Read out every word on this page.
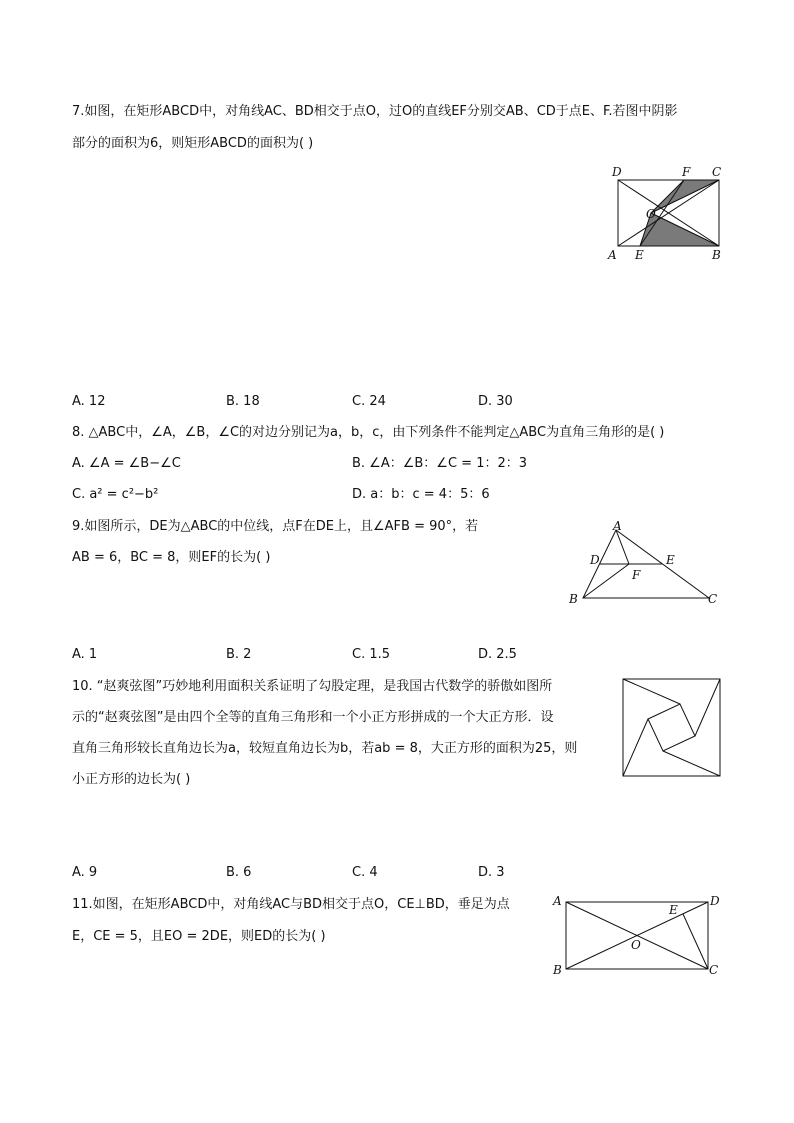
7.如图，在矩形ABCD中，对角线AC、BD相交于点O，过O的直线EF分别交AB、CD于点E、F.若图中阴影
部分的面积为6，则矩形ABCD的面积为( )
D	F C
O
A E	B
A. 12	B. 18	C. 24	D. 30
8. △ABC中，∠A，∠B，∠C的对边分别记为a，b，c，由下列条件不能判定△ABC为直角三角形的是( )
A. ∠A = ∠B−∠C	B. ∠A：∠B：∠C = 1：2：3
C. a² = c²−b²	D. a：b：c = 4：5：6
9.如图所示，DE为△ABC的中位线，点F在DE上，且∠AFB = 90°，若
AB = 6，BC = 8，则EF的长为( )
A
D	E
F
B	C
A. 1	B. 2	C. 1.5	D. 2.5
10. “赵爽弦图”巧妙地利用面积关系证明了勾股定理，是我国古代数学的骄傲如图所
示的“赵爽弦图”是由四个全等的直角三角形和一个小正方形拼成的一个大正方形．设
直角三角形较长直角边长为a，较短直角边长为b，若ab = 8，大正方形的面积为25，则
小正方形的边长为( )
A. 9	B. 6	C. 4	D. 3
11.如图，在矩形ABCD中，对角线AC与BD相交于点O，CE⊥BD，垂足为点
E，CE = 5，且EO = 2DE，则ED的长为( )
A	D
E
O
B	C
